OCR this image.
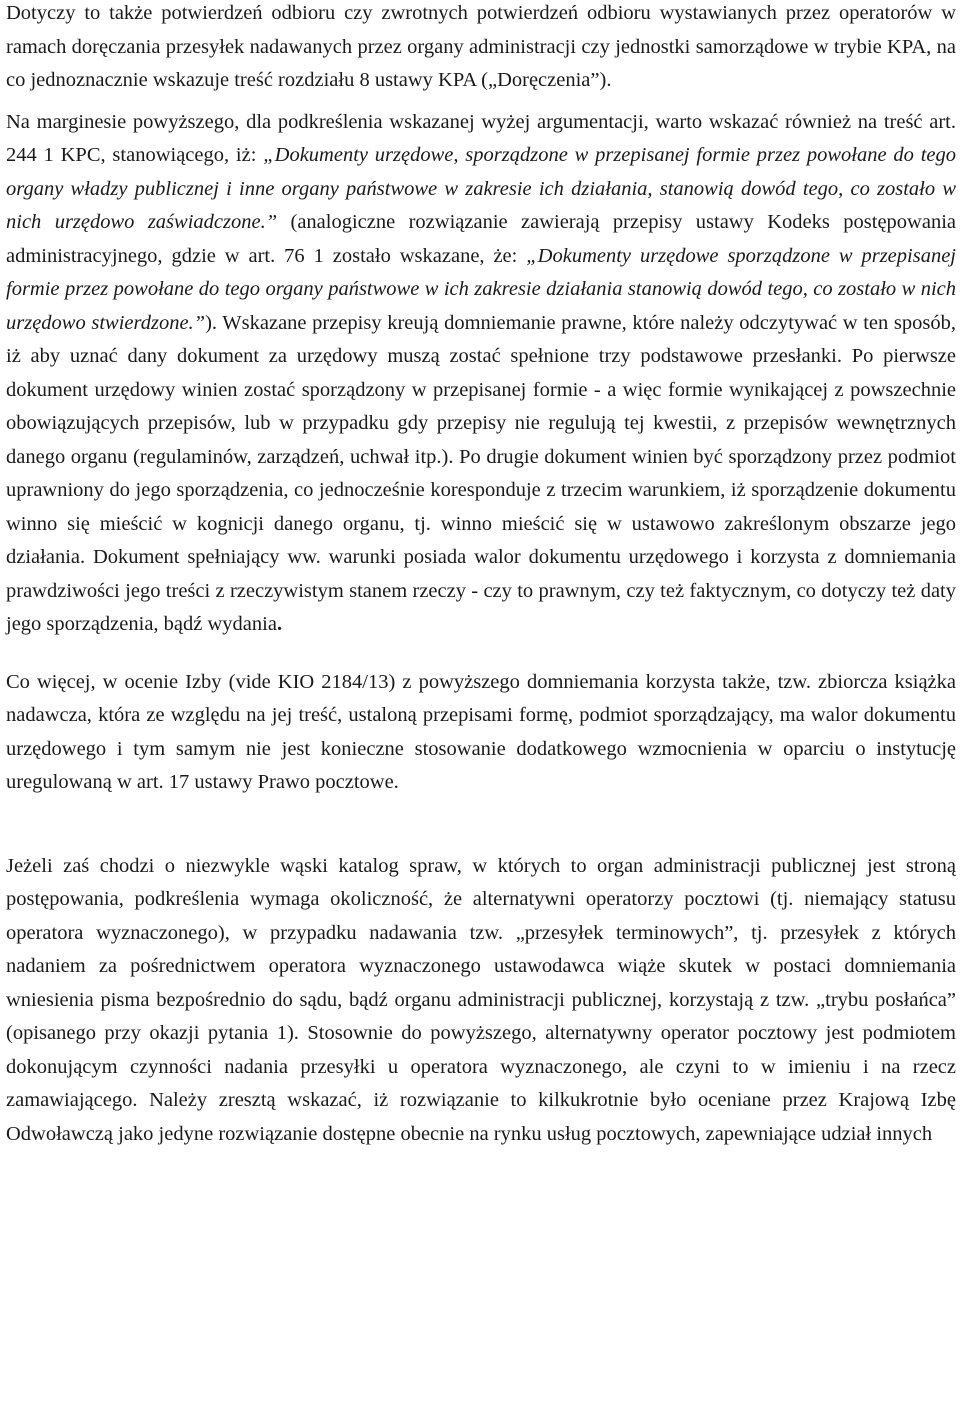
Dotyczy to także potwierdzeń odbioru czy zwrotnych potwierdzeń odbioru wystawianych przez operatorów w ramach doręczania przesyłek nadawanych przez organy administracji czy jednostki samorządowe w trybie KPA, na co jednoznacznie wskazuje treść rozdziału 8 ustawy KPA („Doręczenia”).

Na marginesie powyższego, dla podkreślenia wskazanej wyżej argumentacji, warto wskazać również na treść art. 244 1 KPC, stanowiącego, iż: „Dokumenty urzędowe, sporządzone w przepisanej formie przez powołane do tego organy władzy publicznej i inne organy państwowe w zakresie ich działania, stanowią dowód tego, co zostało w nich urzędowo zaświadczone.” (analogiczne rozwiązanie zawierają przepisy ustawy Kodeks postępowania administracyjnego, gdzie w art. 76 1 zostało wskazane, że: „Dokumenty urzędowe sporządzone w przepisanej formie przez powołane do tego organy państwowe w ich zakresie działania stanowią dowód tego, co zostało w nich urzędowo stwierdzone.”). Wskazane przepisy kreują domniemanie prawne, które należy odczytywać w ten sposób, iż aby uznać dany dokument za urzędowy muszą zostać spełnione trzy podstawowe przesłanki. Po pierwsze dokument urzędowy winien zostać sporządzony w przepisanej formie - a więc formie wynikającej z powszechnie obowiązujących przepisów, lub w przypadku gdy przepisy nie regulują tej kwestii, z przepisów wewnętrznych danego organu (regulaminów, zarządzeń, uchwał itp.). Po drugie dokument winien być sporządzony przez podmiot uprawniony do jego sporządzenia, co jednocześnie koresponduje z trzecim warunkiem, iż sporządzenie dokumentu winno się mieścić w kognicji danego organu, tj. winno mieścić się w ustawowo zakreślonym obszarze jego działania. Dokument spełniający ww. warunki posiada walor dokumentu urzędowego i korzysta z domniemania prawdziwości jego treści z rzeczywistym stanem rzeczy - czy to prawnym, czy też faktycznym, co dotyczy też daty jego sporządzenia, bądź wydania.

Co więcej, w ocenie Izby (vide KIO 2184/13) z powyższego domniemania korzysta także, tzw. zbiorcza książka nadawcza, która ze względu na jej treść, ustaloną przepisami formę, podmiot sporządzający, ma walor dokumentu urzędowego i tym samym nie jest konieczne stosowanie dodatkowego wzmocnienia w oparciu o instytucję uregulowaną w art. 17 ustawy Prawo pocztowe.

Jeżeli zaś chodzi o niezwykle wąski katalog spraw, w których to organ administracji publicznej jest stroną postępowania, podkreślenia wymaga okoliczność, że alternatywni operatorzy pocztowi (tj. niemający statusu operatora wyznaczonego), w przypadku nadawania tzw. „przesyłek terminowych”, tj. przesyłek z których nadaniem za pośrednictwem operatora wyznaczonego ustawodawca wiąże skutek w postaci domniemania wniesienia pisma bezpośrednio do sądu, bądź organu administracji publicznej, korzystają z tzw. „trybu posłańca” (opisanego przy okazji pytania 1). Stosownie do powyższego, alternatywny operator pocztowy jest podmiotem dokonującym czynności nadania przesyłki u operatora wyznaczonego, ale czyni to w imieniu i na rzecz zamawiającego. Należy zresztą wskazać, iż rozwiązanie to kilkukrotnie było oceniane przez Krajową Izbę Odwoławczą jako jedyne rozwiązanie dostępne obecnie na rynku usług pocztowych, zapewniające udział innych
